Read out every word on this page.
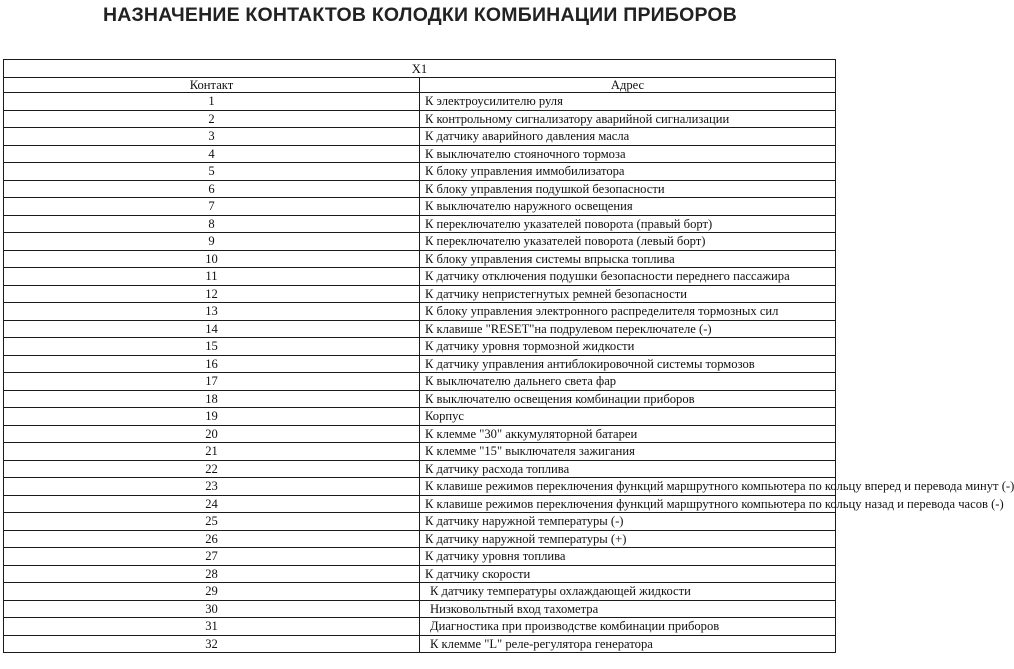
НАЗНАЧЕНИЕ КОНТАКТОВ КОЛОДКИ КОМБИНАЦИИ ПРИБОРОВ
X1	
Контакт	Адрес
1	К электроусилителю руля
2	К контрольному сигнализатору аварийной сигнализации
3	К датчику аварийного давления масла
4	К выключателю стояночного тормоза
5	К блоку управления иммобилизатора
6	К блоку управления подушкой безопасности
7	К выключателю наружного освещения
8	К переключателю указателей поворота (правый борт)
9	К переключателю указателей поворота (левый борт)
10	К блоку управления системы впрыска топлива
11	К датчику отключения подушки безопасности переднего пассажира
12	К датчику непристегнутых ремней безопасности
13	К блоку управления электронного распределителя тормозных сил
14	К клавише "RESET"на подрулевом переключателе (-)
15	К датчику уровня тормозной жидкости
16	К датчику управления антиблокировочной системы тормозов
17	К выключателю дальнего света фар
18	К выключателю освещения комбинации приборов
19	Корпус
20	К клемме "30" аккумуляторной батареи
21	К клемме "15" выключателя зажигания
22	К датчику расхода топлива
23	К клавише режимов переключения функций маршрутного компьютера по кольцу вперед и перевода минут (-)
24	К клавише режимов переключения функций маршрутного компьютера по кольцу назад и перевода часов (-)
25	К датчику наружной температуры (-)
26	К датчику наружной температуры (+)
27	К датчику уровня топлива
28	К датчику скорости
29	К датчику температуры охлаждающей жидкости
30	Низковольтный вход тахометра
31	Диагностика при производстве комбинации приборов
32	К клемме "L" реле-регулятора генератора
